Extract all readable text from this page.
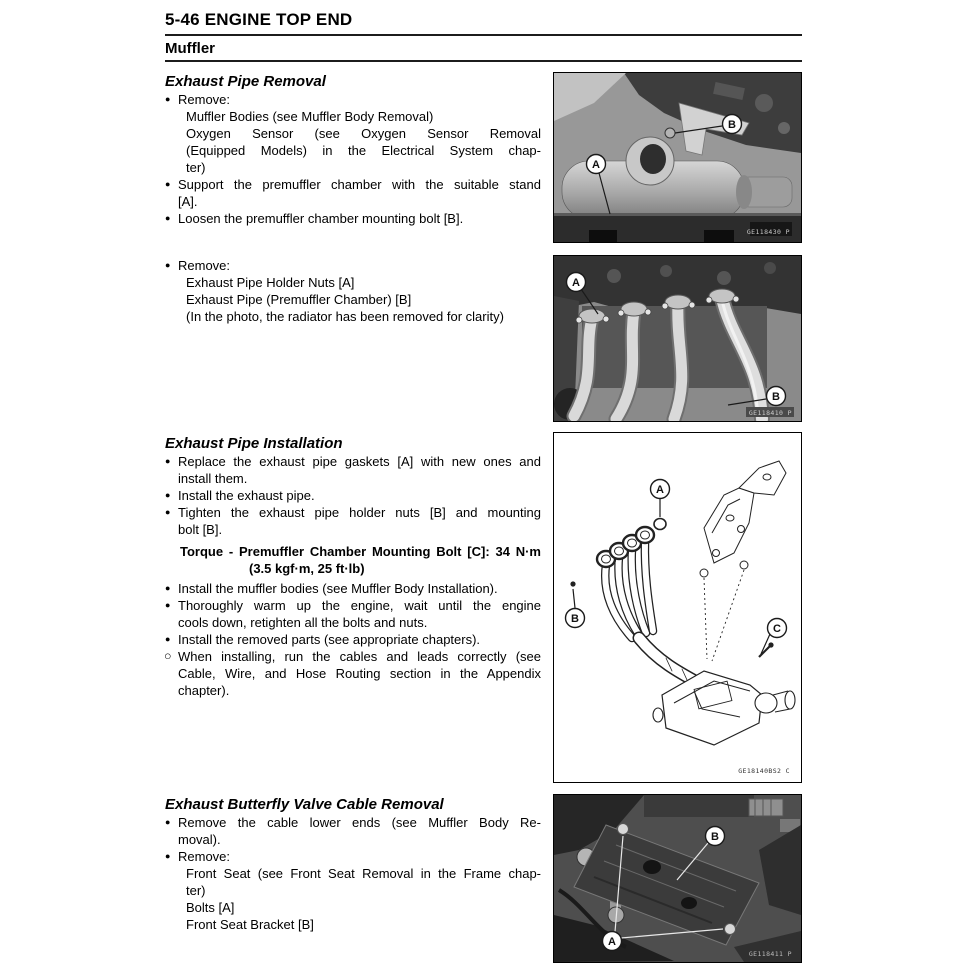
5-46 ENGINE TOP END
Muffler
Exhaust Pipe Removal
● Remove:
Muffler Bodies (see Muffler Body Removal)
Oxygen Sensor (see Oxygen Sensor Removal
(Equipped Models) in the Electrical System chap-
ter)
● Support the premuffler chamber with the suitable stand
[A].
● Loosen the premuffler chamber mounting bolt [B].
● Remove:
Exhaust Pipe Holder Nuts [A]
Exhaust Pipe (Premuffler Chamber) [B]
(In the photo, the radiator has been removed for clarity)
Exhaust Pipe Installation
● Replace the exhaust pipe gaskets [A] with new ones and
install them.
● Install the exhaust pipe.
● Tighten the exhaust pipe holder nuts [B] and mounting
bolt [B].
Torque - Premuffler Chamber Mounting Bolt [C]: 34 N·m
(3.5 kgf·m, 25 ft·lb)
● Install the muffler bodies (see Muffler Body Installation).
● Thoroughly warm up the engine, wait until the engine
cools down, retighten all the bolts and nuts.
● Install the removed parts (see appropriate chapters).
○ When installing, run the cables and leads correctly (see
Cable, Wire, and Hose Routing section in the Appendix
chapter).
Exhaust Butterfly Valve Cable Removal
● Remove the cable lower ends (see Muffler Body Re-
moval).
● Remove:
Front Seat (see Front Seat Removal in the Frame chap-
ter)
Bolts [A]
Front Seat Bracket [B]
A
B
GE118430 P
A
B
GE118410 P
A
B
C
GE18140BS2 C
B
A
GE118411 P
